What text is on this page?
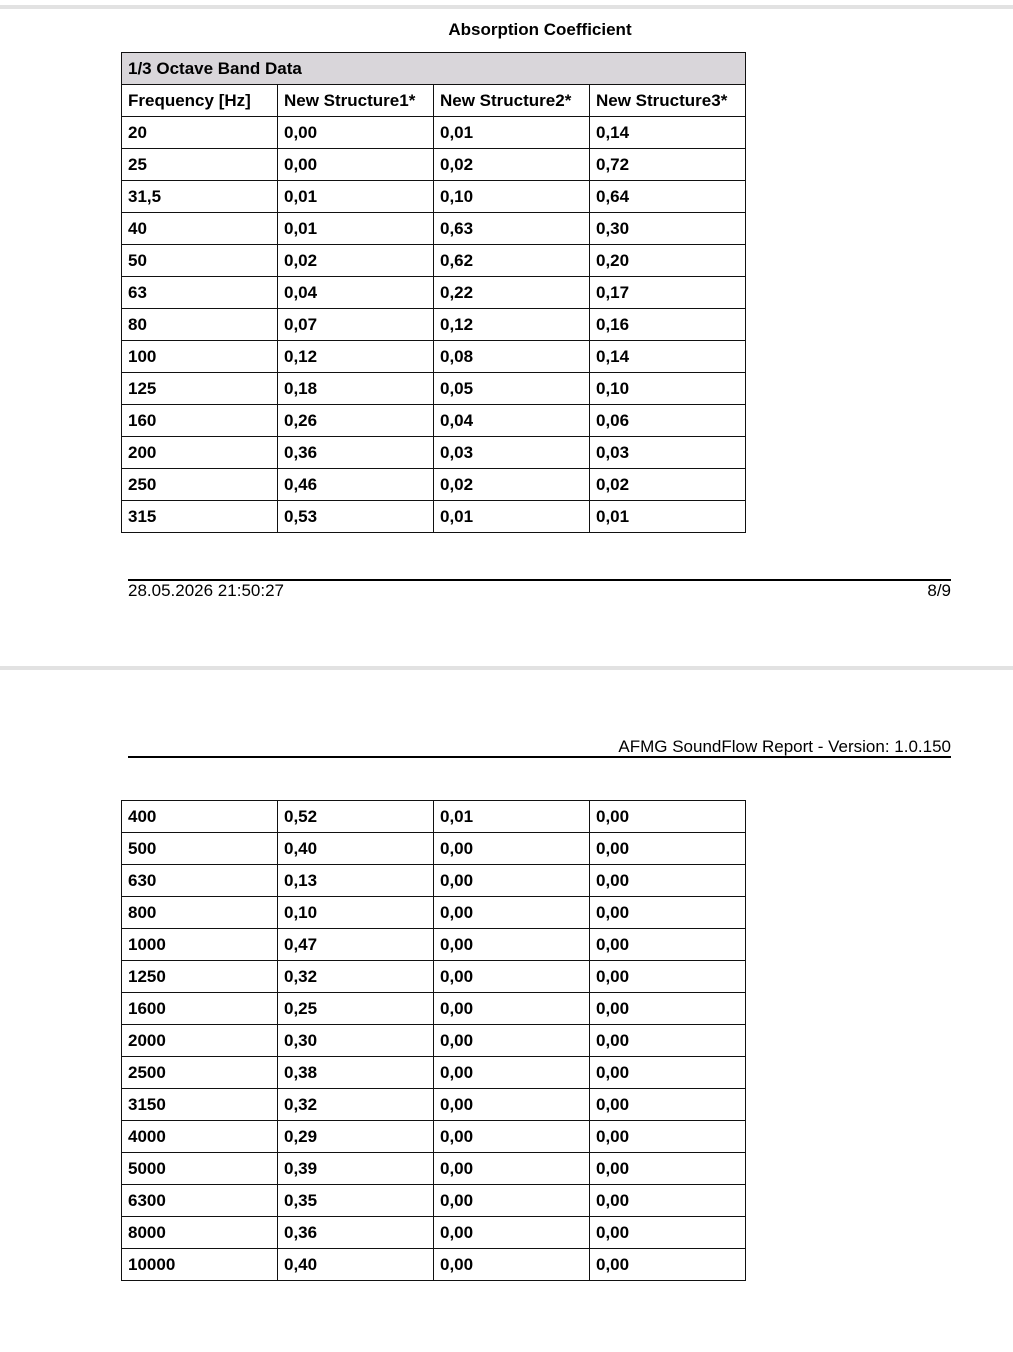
Absorption Coefficient
1/3 Octave Band Data			
Frequency [Hz]	New Structure1*	New Structure2*	New Structure3*
20	0,00	0,01	0,14
25	0,00	0,02	0,72
31,5	0,01	0,10	0,64
40	0,01	0,63	0,30
50	0,02	0,62	0,20
63	0,04	0,22	0,17
80	0,07	0,12	0,16
100	0,12	0,08	0,14
125	0,18	0,05	0,10
160	0,26	0,04	0,06
200	0,36	0,03	0,03
250	0,46	0,02	0,02
315	0,53	0,01	0,01
28.05.2026 21:50:27	8/9
AFMG SoundFlow Report - Version: 1.0.150
400	0,52	0,01	0,00
500	0,40	0,00	0,00
630	0,13	0,00	0,00
800	0,10	0,00	0,00
1000	0,47	0,00	0,00
1250	0,32	0,00	0,00
1600	0,25	0,00	0,00
2000	0,30	0,00	0,00
2500	0,38	0,00	0,00
3150	0,32	0,00	0,00
4000	0,29	0,00	0,00
5000	0,39	0,00	0,00
6300	0,35	0,00	0,00
8000	0,36	0,00	0,00
10000	0,40	0,00	0,00
